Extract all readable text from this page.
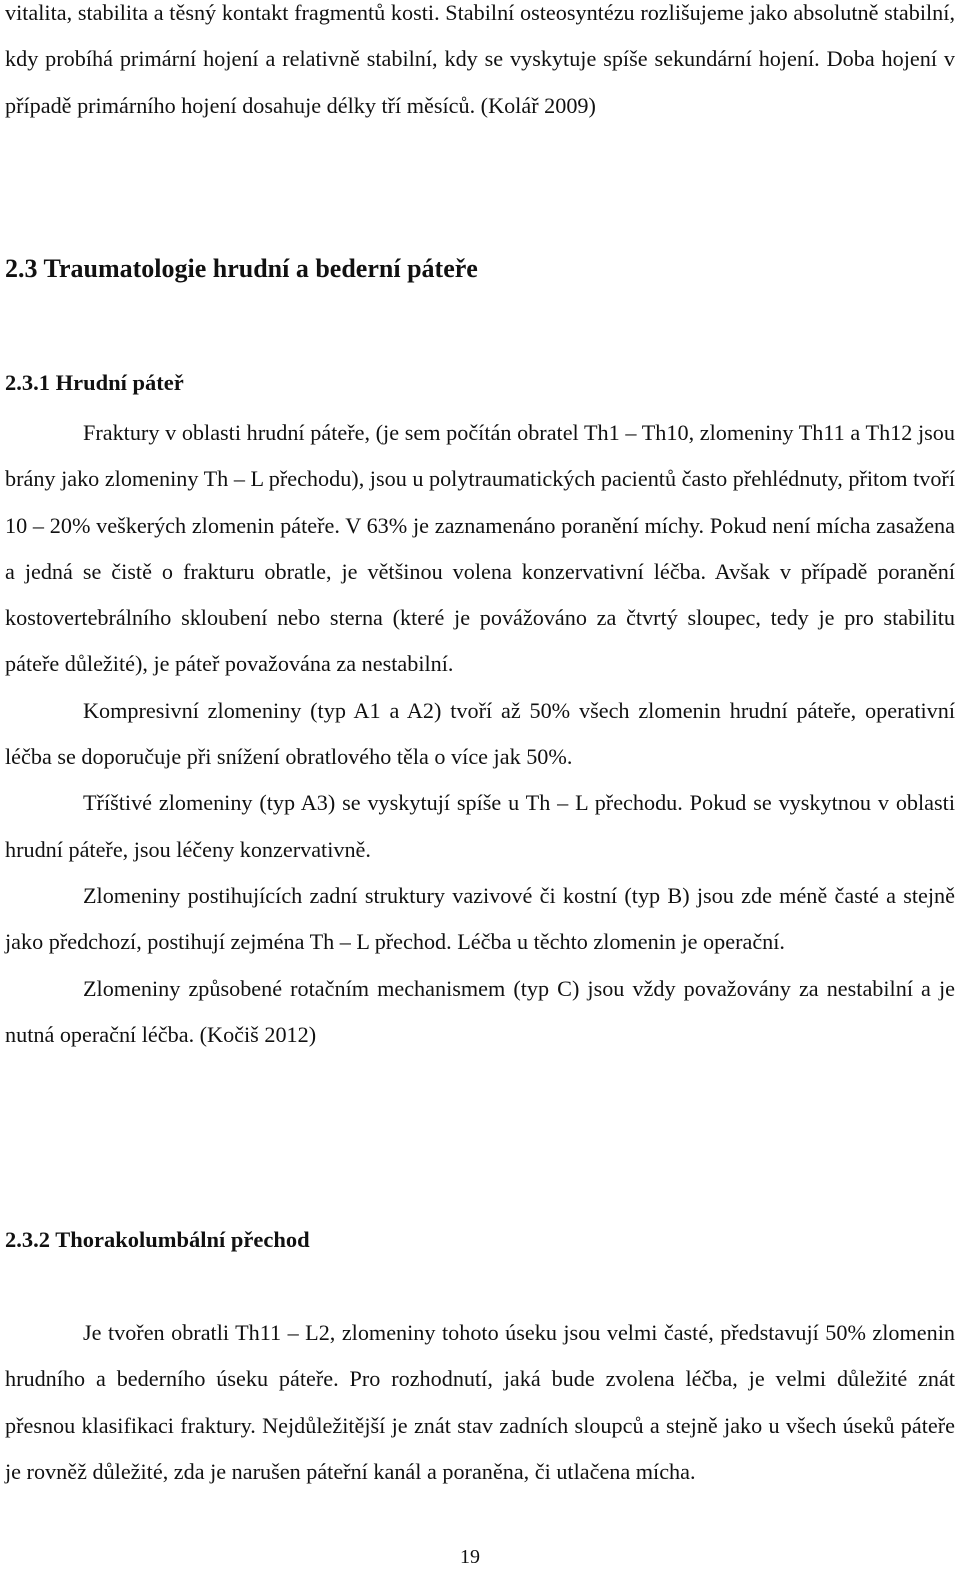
vitalita, stabilita a těsný kontakt fragmentů kosti. Stabilní osteosyntézu rozlišujeme jako absolutně stabilní, kdy probíhá primární hojení a relativně stabilní, kdy se vyskytuje spíše sekundární hojení. Doba hojení v případě primárního hojení dosahuje délky tří měsíců. (Kolář 2009)

2.3 Traumatologie hrudní a bederní páteře
2.3.1 Hrudní páteř

Fraktury v oblasti hrudní páteře, (je sem počítán obratel Th1 – Th10, zlomeniny Th11 a Th12 jsou brány jako zlomeniny Th – L přechodu), jsou u polytraumatických pacientů často přehlédnuty, přitom tvoří 10 – 20% veškerých zlomenin páteře. V 63% je zaznamenáno poranění míchy. Pokud není mícha zasažena a jedná se čistě o frakturu obratle, je většinou volena konzervativní léčba. Avšak v případě poranění kostovertebrálního skloubení nebo sterna (které je povážováno za čtvrtý sloupec, tedy je pro stabilitu páteře důležité), je páteř považována za nestabilní.

Kompresivní zlomeniny (typ A1 a A2) tvoří až 50% všech zlomenin hrudní páteře, operativní léčba se doporučuje při snížení obratlového těla o více jak 50%.

Tříštivé zlomeniny (typ A3) se vyskytují spíše u Th – L přechodu. Pokud se vyskytnou v oblasti hrudní páteře, jsou léčeny konzervativně.

Zlomeniny postihujících zadní struktury vazivové či kostní (typ B) jsou zde méně časté a stejně jako předchozí, postihují zejména Th – L přechod. Léčba u těchto zlomenin je operační.

Zlomeniny způsobené rotačním mechanismem (typ C) jsou vždy považovány za nestabilní a je nutná operační léčba. (Kočiš 2012)

2.3.2 Thorakolumbální přechod

Je tvořen obratli Th11 – L2, zlomeniny tohoto úseku jsou velmi časté, představují 50% zlomenin hrudního a bederního úseku páteře. Pro rozhodnutí, jaká bude zvolena léčba, je velmi důležité znát přesnou klasifikaci fraktury. Nejdůležitější je znát stav zadních sloupců a stejně jako u všech úseků páteře je rovněž důležité, zda je narušen páteřní kanál a poraněna, či utlačena mícha.

19
